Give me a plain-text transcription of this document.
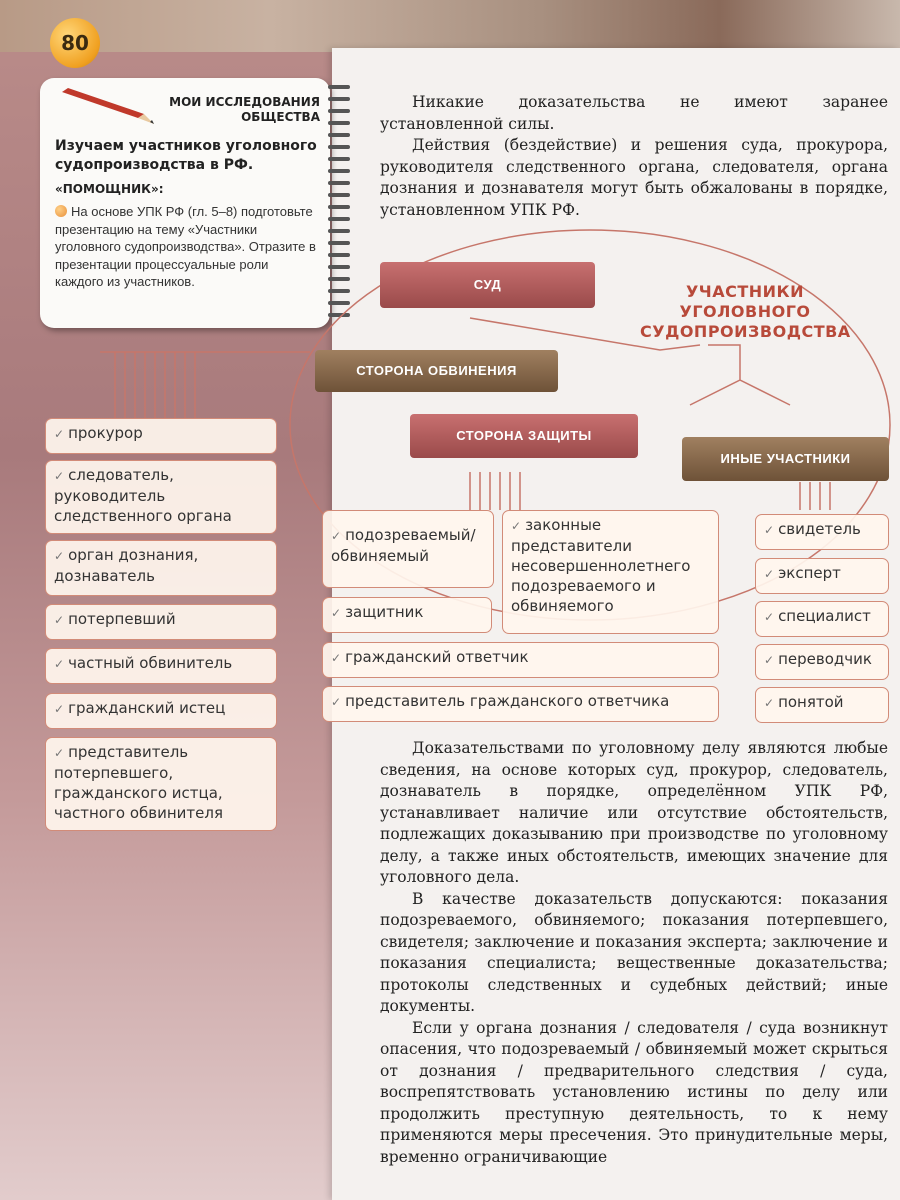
80
МОИ ИССЛЕДОВАНИЯ
ОБЩЕСТВА
Изучаем участников уголовного судопроизводства в РФ.
«ПОМОЩНИК»:
На основе УПК РФ (гл. 5–8) подготовьте презентацию на тему «Участники уголовного судопроизводства». Отразите в презентации процессуальные роли каждого из участников.

Никакие доказательства не имеют заранее установленной силы.

Действия (бездействие) и решения суда, прокурора, руководителя следственного органа, следователя, органа дознания и дознавателя могут быть обжалованы в порядке, установленном УПК РФ.

УЧАСТНИКИ УГОЛОВНОГО СУДОПРОИЗВОДСТВА
СУД
СТОРОНА ОБВИНЕНИЯ
СТОРОНА ЗАЩИТЫ
ИНЫЕ УЧАСТНИКИ
✓ прокурор
✓ следователь, руководитель следственного органа
✓ орган дознания, дознаватель
✓ потерпевший
✓ частный обвинитель
✓ гражданский истец
✓ представитель потерпевшего, гражданского истца, частного обвинителя
✓ подозреваемый/ обвиняемый
✓ законные представители несовершеннолетнего подозреваемого и обвиняемого
✓ защитник
✓ гражданский ответчик
✓ представитель гражданского ответчика
✓ свидетель
✓ эксперт
✓ специалист
✓ переводчик
✓ понятой

Доказательствами по уголовному делу являются любые сведения, на основе которых суд, прокурор, следователь, дознаватель в порядке, определённом УПК РФ, устанавливает наличие или отсутствие обстоятельств, подлежащих доказыванию при производстве по уголовному делу, а также иных обстоятельств, имеющих значение для уголовного дела.

В качестве доказательств допускаются: показания подозреваемого, обвиняемого; показания потерпевшего, свидетеля; заключение и показания эксперта; заключение и показания специалиста; вещественные доказательства; протоколы следственных и судебных действий; иные документы.

Если у органа дознания / следователя / суда возникнут опасения, что подозреваемый / обвиняемый может скрыться от дознания / предварительного следствия / суда, воспрепятствовать установлению истины по делу или продолжить преступную деятельность, то к нему применяются меры пресечения. Это принудительные меры, временно ограничивающие
